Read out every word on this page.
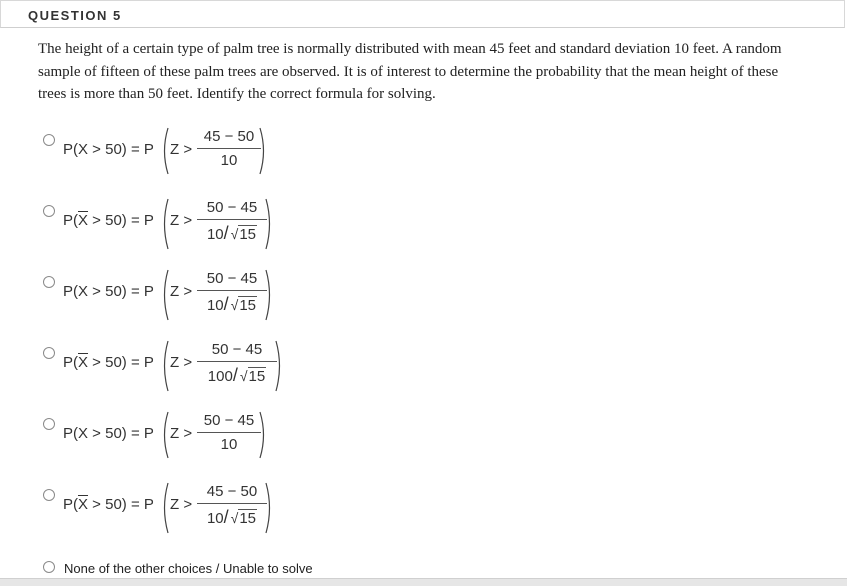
QUESTION 5
The height of a certain type of palm tree is normally distributed with mean 45 feet and standard deviation 10 feet. A random sample of fifteen of these palm trees are observed. It is of interest to determine the probability that the mean height of these trees is more than 50 feet. Identify the correct formula for solving.
P(X > 50) = P Z >
45 − 50
10
$P(\overline{X} > 50) = P$ Z >
50 − 45
10/ √15
P(X > 50) = P Z >
50 − 45
10/ √15
$P(\overline{X} > 50) = P$ Z >
50 − 45
100/ √15
P(X > 50) = P Z >
50 − 45
10
$P(\overline{X} > 50) = P$ Z >
45 − 50
10/ √15
None of the other choices / Unable to solve
